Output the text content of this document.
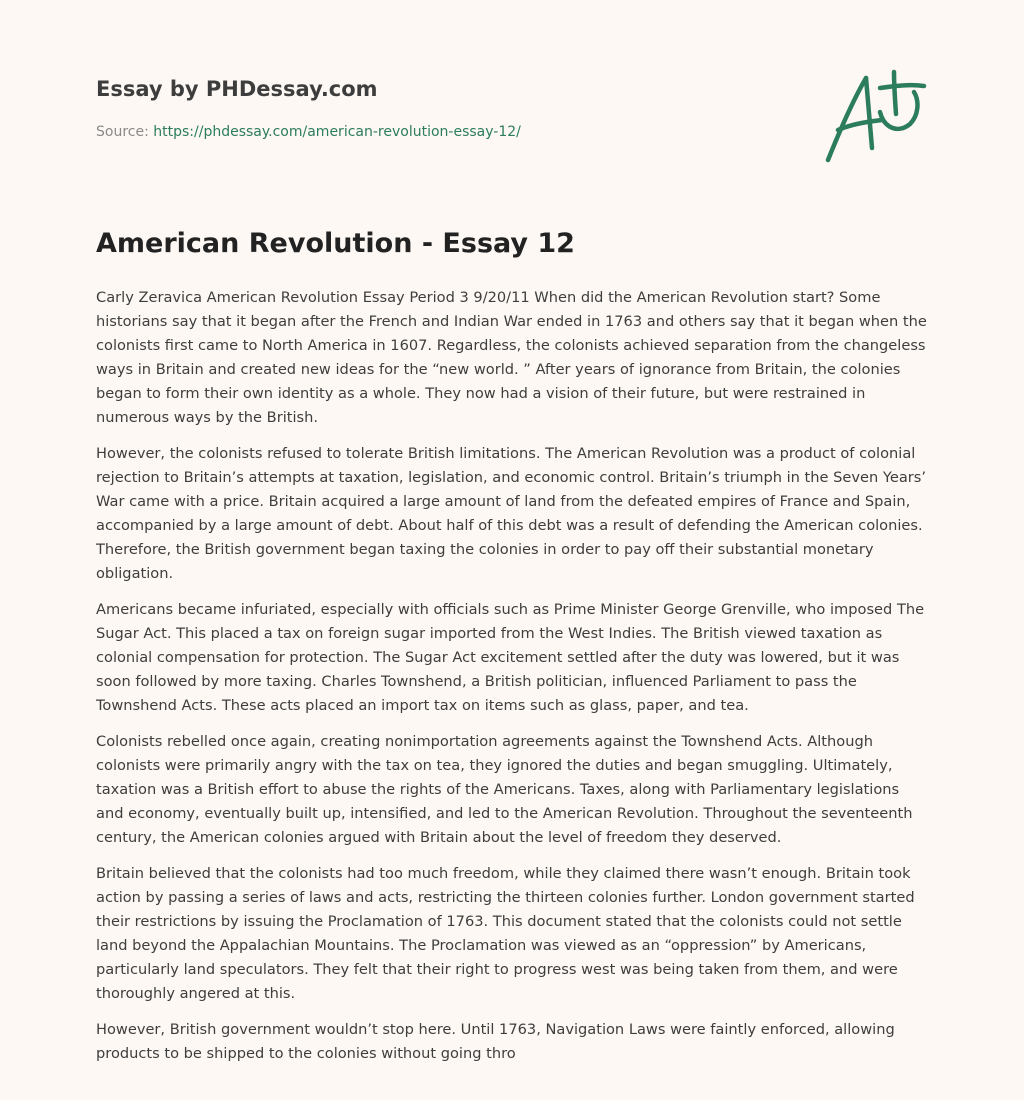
Essay by PHDessay.com
Source: https://phdessay.com/american-revolution-essay-12/
American Revolution - Essay 12

Carly Zeravica American Revolution Essay Period 3 9/20/11 When did the American Revolution start? Some historians say that it began after the French and Indian War ended in 1763 and others say that it began when the colonists first came to North America in 1607. Regardless, the colonists achieved separation from the changeless ways in Britain and created new ideas for the “new world. ” After years of ignorance from Britain, the colonies began to form their own identity as a whole. They now had a vision of their future, but were restrained in numerous ways by the British.

However, the colonists refused to tolerate British limitations. The American Revolution was a product of colonial rejection to Britain’s attempts at taxation, legislation, and economic control. Britain’s triumph in the Seven Years’ War came with a price. Britain acquired a large amount of land from the defeated empires of France and Spain, accompanied by a large amount of debt. About half of this debt was a result of defending the American colonies. Therefore, the British government began taxing the colonies in order to pay off their substantial monetary obligation.

Americans became infuriated, especially with officials such as Prime Minister George Grenville, who imposed The Sugar Act. This placed a tax on foreign sugar imported from the West Indies. The British viewed taxation as colonial compensation for protection. The Sugar Act excitement settled after the duty was lowered, but it was soon followed by more taxing. Charles Townshend, a British politician, influenced Parliament to pass the Townshend Acts. These acts placed an import tax on items such as glass, paper, and tea.

Colonists rebelled once again, creating nonimportation agreements against the Townshend Acts. Although colonists were primarily angry with the tax on tea, they ignored the duties and began smuggling. Ultimately, taxation was a British effort to abuse the rights of the Americans. Taxes, along with Parliamentary legislations and economy, eventually built up, intensified, and led to the American Revolution. Throughout the seventeenth century, the American colonies argued with Britain about the level of freedom they deserved.

Britain believed that the colonists had too much freedom, while they claimed there wasn’t enough. Britain took action by passing a series of laws and acts, restricting the thirteen colonies further. London government started their restrictions by issuing the Proclamation of 1763. This document stated that the colonists could not settle land beyond the Appalachian Mountains. The Proclamation was viewed as an “oppression” by Americans, particularly land speculators. They felt that their right to progress west was being taken from them, and were thoroughly angered at this.

However, British government wouldn’t stop here. Until 1763, Navigation Laws were faintly enforced, allowing products to be shipped to the colonies without going thro
